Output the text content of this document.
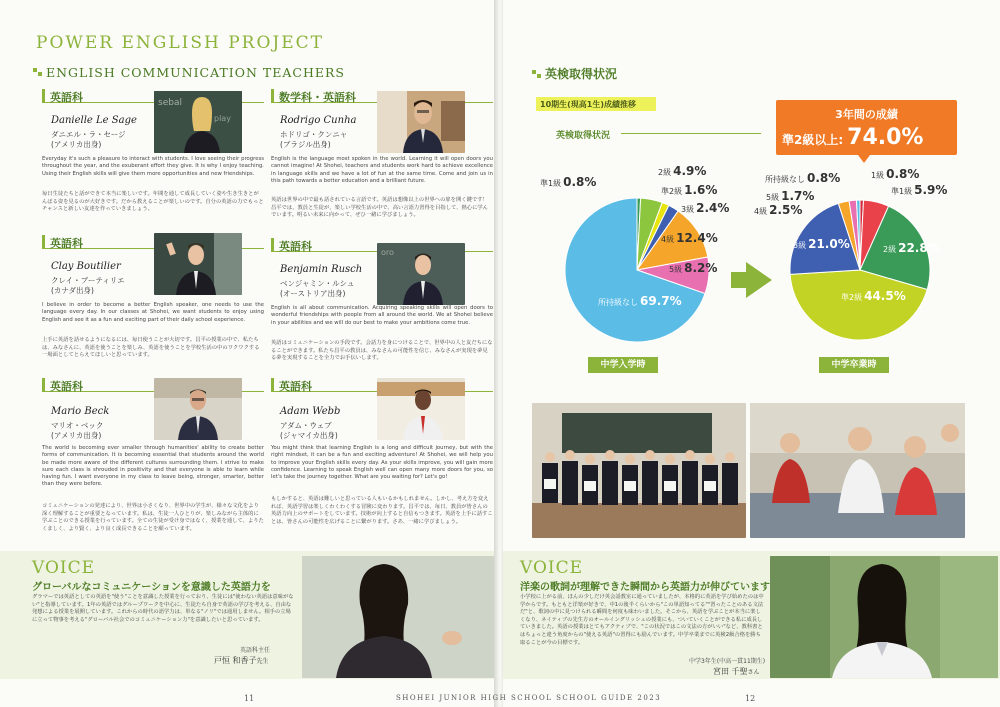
POWER ENGLISH PROJECT
ENGLISH COMMUNICATION TEACHERS
英語科
Danielle Le Sage
ダニエル・ラ・セージ
(アメリカ出身)
sebal
play
Everyday it's such a pleasure to interact with students. I love seeing their progress throughout the year, and the exuberant effort they give. It is why I enjoy teaching. Using their English skills will give them more opportunities and new friendships.
毎日生徒たちと話ができて本当に楽しいです。年間を通して成長していく姿や生き生きとがんばる姿を見るのが大好きです。だから教えることが楽しいのです。自分の英語の力でもっとチャンスと新しい友達を作っていきましょう。
数学科・英語科
Rodrigo Cunha
ホドリゴ・クンニャ
(ブラジル出身)
English is the language most spoken in the world. Learning it will open doors you cannot imagine! At Shohei, teachers and students work hard to achieve excellence in language skills and we have a lot of fun at the same time. Come and join us in this path towards a better education and a brilliant future.
英語は世界の中で最も話されている言語です。英語は想像以上の世界への扉を開く鍵です！昌平では、教員と生徒が、楽しい学校生活の中で、高い言語力習得を目指して、熱心に学んでいます。明るい未来に向かって、ぜひ一緒に学びましょう。
英語科
Clay Boutilier
クレイ・ブーティリエ
(カナダ出身)
I believe in order to become a better English speaker, one needs to use the language every day. In our classes at Shohei, we want students to enjoy using English and see it as a fun and exciting part of their daily school experience.
上手に英語を話せるようになるには、毎日使うことが大切です。昌平の授業の中で、私たちは、みなさんに、英語を使うことを楽しみ、英語を使うことを学校生活の中のワクワクする一場面としてとらえてほしいと思っています。
英語科
Benjamin Rusch
ベンジャミン・ルシュ
(オーストリア出身)
oro
English is all about communication. Acquiring speaking skills will open doors to wonderful friendships with people from all around the world. We at Shohei believe in your abilities and we will do our best to make your ambitions come true.
英語はコミュニケーションの手段です。会話力を身につけることで、世界中の人と友だちになることができます。私たち昌平の教員は、みなさんの可能性を信じ、みなさんが実現を夢見る夢を実現することを全力でお手伝いします。
英語科
Mario Beck
マリオ・ベック
(アメリカ出身)
The world is becoming ever smaller through humanities' ability to create better forms of communication. It is becoming essential that students around the world be made more aware of the different cultures surrounding them. I strive to make sure each class is shrouded in positivity and that everyone is able to learn while having fun. I want everyone in my class to leave being, stronger, smarter, better than they were before.
コミュニケーションの発達により、世界は小さくなり、世界中の学生が、様々な文化をより深く理解することが重要となっています。私は、生徒一人ひとりが、楽しみながら主体的に学ぶことのできる授業を行っています。全ての生徒が受け身ではなく、授業を通して、よりたくましく、より賢く、より良く成長できることを願っています。
英語科
Adam Webb
アダム・ウェブ
(ジャマイカ出身)
You might think that learning English is a long and difficult journey, but with the right mindset, it can be a fun and exciting adventure! At Shohei, we will help you to improve your English skills every day. As your skills improve, you will gain more confidence. Learning to speak English well can open many more doors for you, so let's take the journey together. What are you waiting for? Let's go!
もしかすると、英語は難しいと思っている人もいるかもしれません。しかし、考え方を変えれば、英語学習は楽しくわくわくする冒険に変わります。昌平では、毎日、教員が皆さんの英語力向上のサポートをしています。技術が向上すると自信もつきます。英語を上手に話すことは、皆さんの可能性を広げることに繋がります。さあ、一緒に学びましょう。
VOICE
グローバルなコミュニケーションを意識した英語力を
グラマーでは英語としての英語を"使う"ことを意識した授業を行っており、生徒には"使わない英語は意味がない"と指導しています。1年の英語ではグループワークを中心に、生徒たち自身で英語の学びを考える、自由な発想による授業を展開しています。これからの時代の語学力は、単なる"ノリ"では通用しません。相手の立場に立って物事を考える"グローバル社会でのコミュニケーション力"を意識したいと思っています。
英語科主任
戸恒 和香子先生
11
英検取得状況
10期生(現高1生)成績推移
英検取得状況
3年間の成績
準2級以上: 74.0%
準1級 0.8%
2級 4.9%
準2級 1.6%
3級 2.4%
4級 12.4%
5級 8.2%
所持級なし 69.7%
1級 0.8%
準1級 5.9%
2級 22.8%
準2級 44.5%
3級 21.0%
4級 2.5%
5級 1.7%
所持級なし 0.8%
中学入学時	中学卒業時
VOICE
洋楽の歌詞が理解できた瞬間から英語力が伸びています
小学校に上がる前、ほんの少しだけ英会話教室に通っていましたが、本格的に英語を学び始めたのは中学からです。もともと洋楽が好きで、中1の後半くらいから"この単語知ってる""習ったことのある文法だ"と、歌詞の中に見つけられる瞬間を何度も味わいました。そこから、英語を学ぶことが本当に楽しくなり、ネイティブの先生方のオールイングリッシュの授業にも、ついていくことができる私に成長していきました。英語の授業はとてもアクティブで、"この状況ではこの文法の方がいい"など、教科書とはちょっと違う角度からの"使える英語"の習得にも励んでいます。中学卒業までに英検2級合格を勝ち取ることが今の目標です。
中学3年生(中高一貫11期生)
宮田 千聖さん
12
SHOHEI JUNIOR HIGH SCHOOL SCHOOL GUIDE 2023
